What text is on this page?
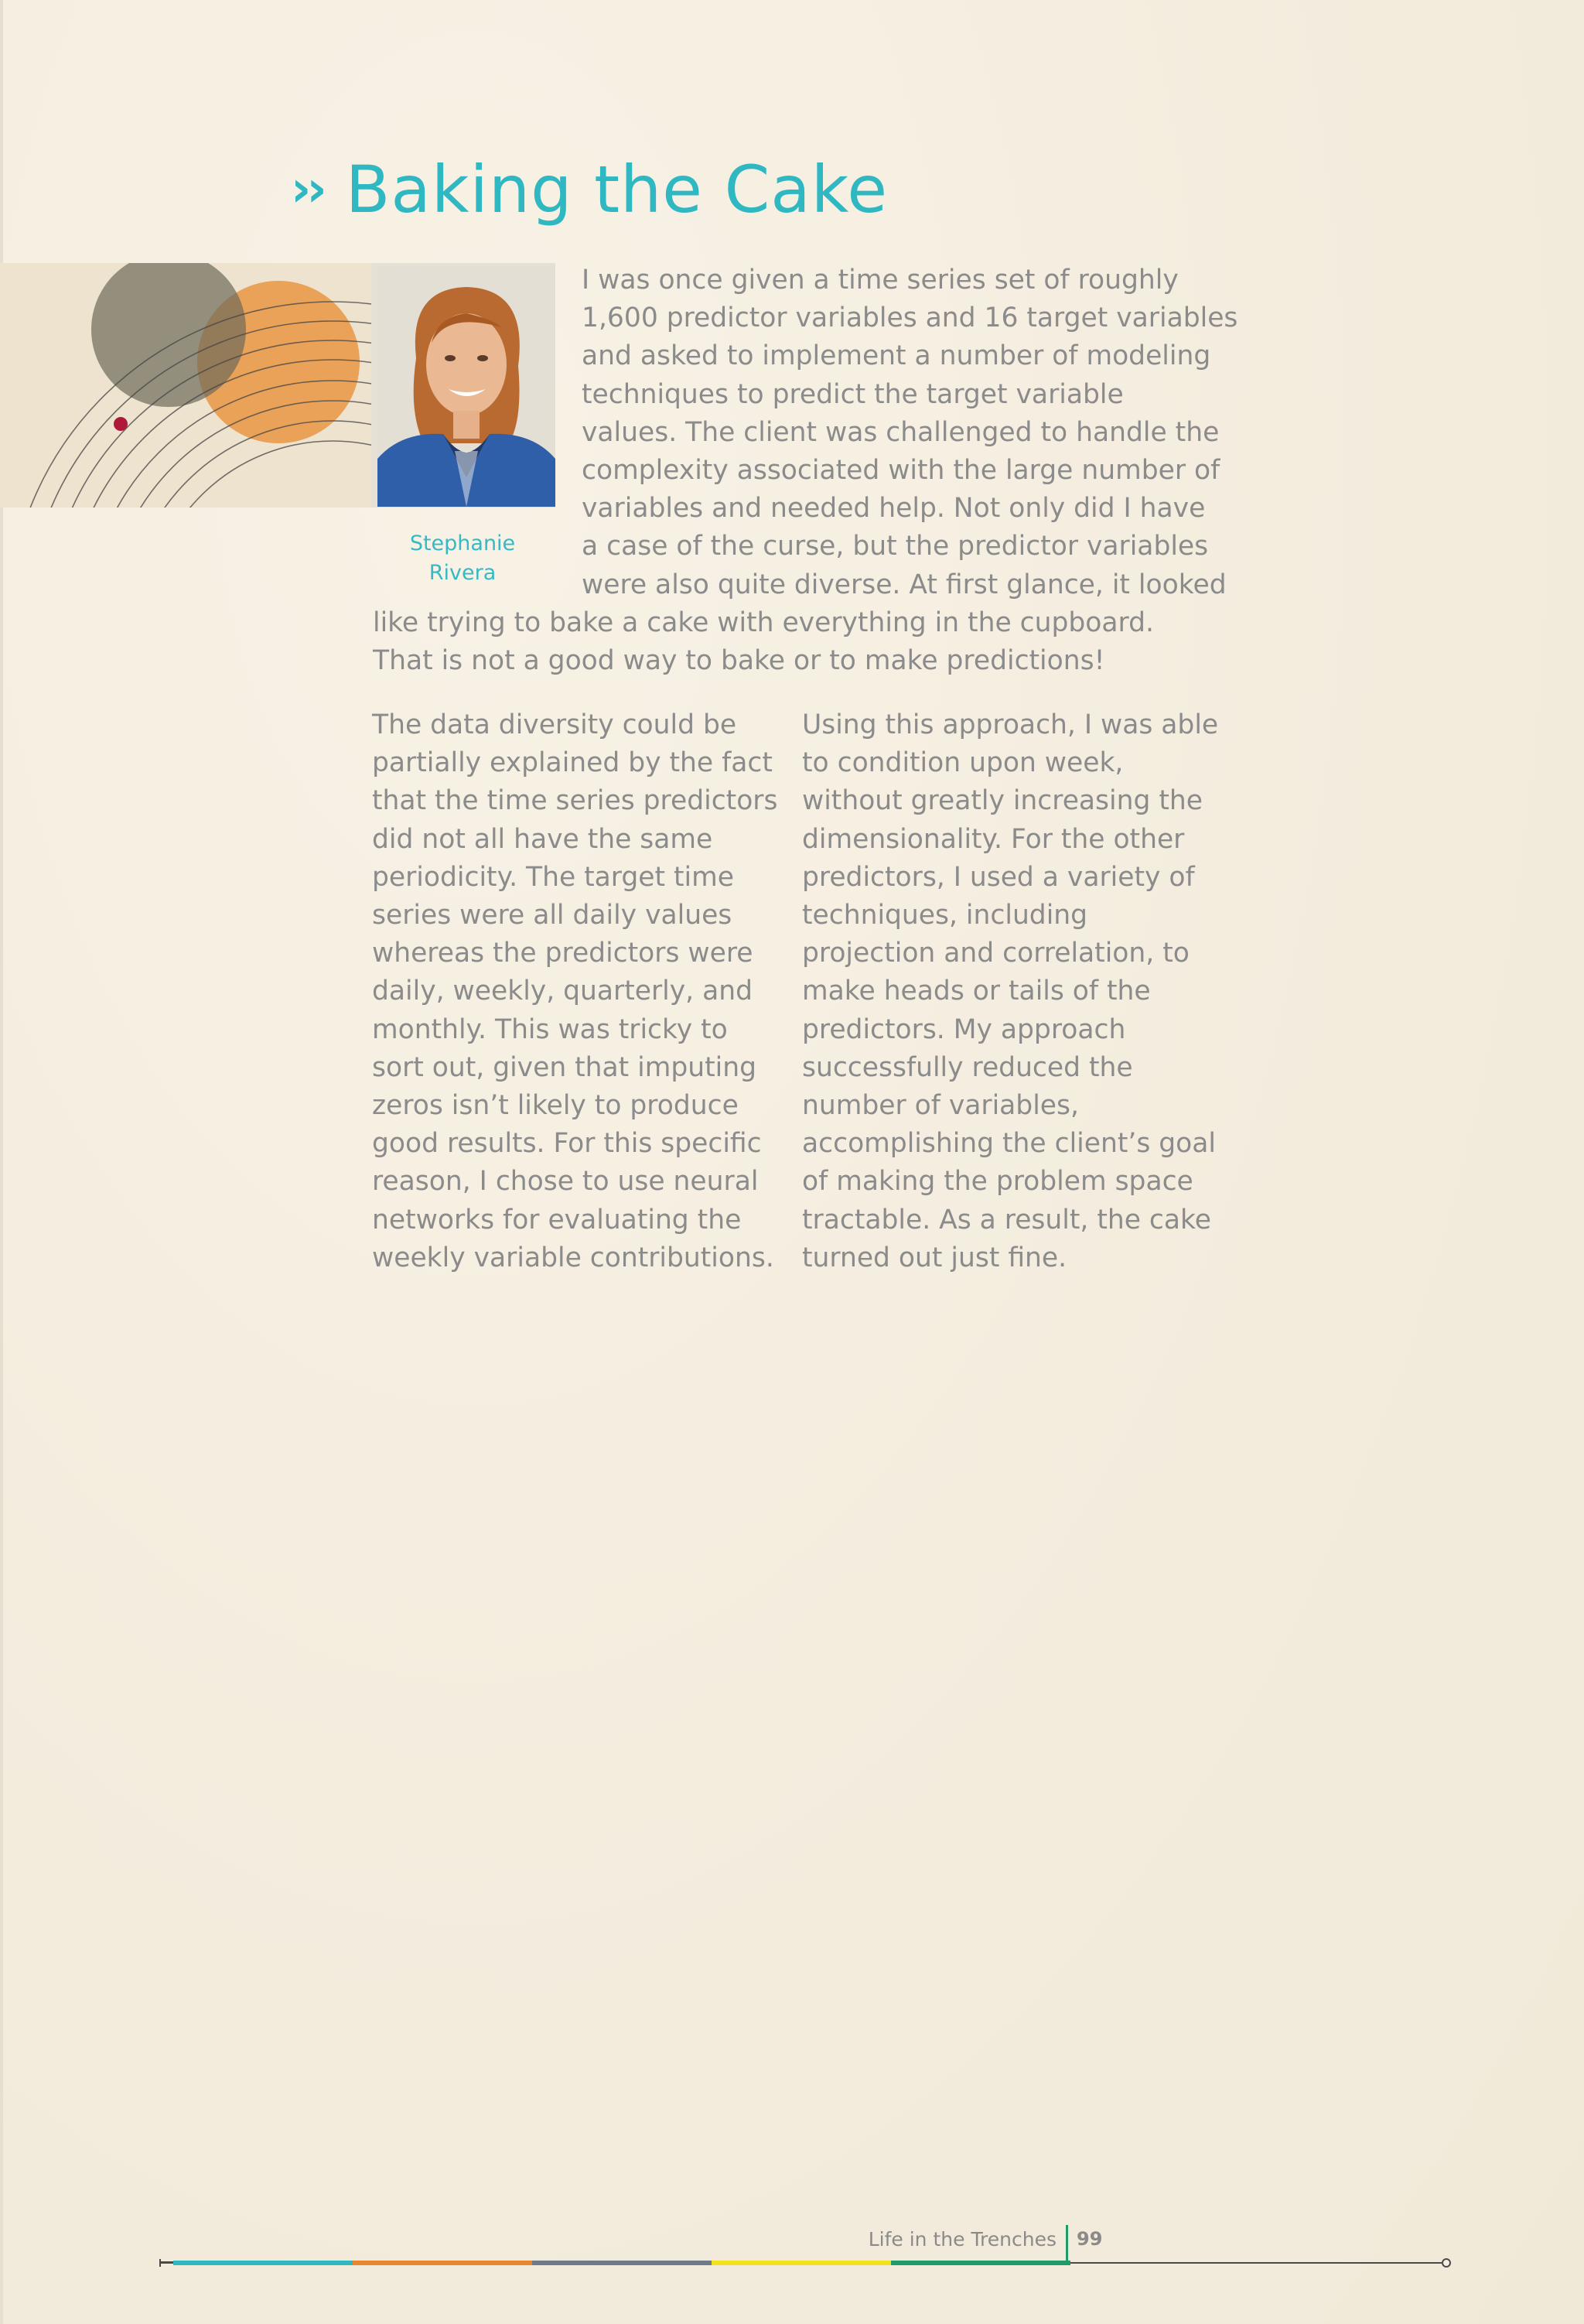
›› Baking the Cake
Stephanie
Rivera
I was once given a time series set of roughly
1,600 predictor variables and 16 target variables
and asked to implement a number of modeling
techniques to predict the target variable
values. The client was challenged to handle the
complexity associated with the large number of
variables and needed help. Not only did I have
a case of the curse, but the predictor variables
were also quite diverse. At first glance, it looked
like trying to bake a cake with everything in the cupboard.
That is not a good way to bake or to make predictions!

The data diversity could be partially explained by the fact that the time series predictors did not all have the same periodicity. The target time series were all daily values whereas the predictors were daily, weekly, quarterly, and monthly. This was tricky to sort out, given that imputing zeros isn’t likely to produce good results. For this specific reason, I chose to use neural networks for evaluating the weekly variable contributions.

Using this approach, I was able to condition upon week, without greatly increasing the dimensionality. For the other predictors, I used a variety of techniques, including projection and correlation, to make heads or tails of the predictors. My approach successfully reduced the number of variables, accomplishing the client’s goal of making the problem space tractable. As a result, the cake turned out just fine.

Life in the Trenches 99
